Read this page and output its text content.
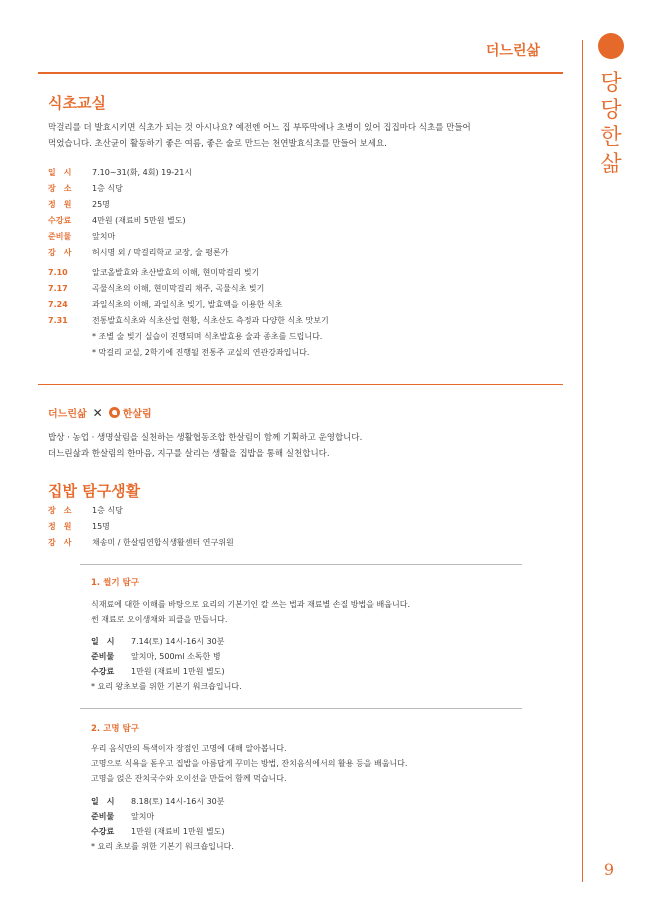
더느린삶
당
당
한
삶
9
식초교실
막걸리를 더 발효시키면 식초가 되는 것 아시나요? 예전엔 어느 집 부뚜막에나 초병이 있어 집집마다 식초를 만들어
먹었습니다. 초산균이 활동하기 좋은 여름, 좋은 술로 만드는 천연발효식초를 만들어 보세요.
일　시	7.10~31(화, 4회) 19-21시
장　소	1층 식당
정　원	25명
수강료	4만원 (재료비 5만원 별도)
준비물	앞치마
강　사	허시명 외 / 막걸리학교 교장, 술 평론가
7.10	알코올발효와 초산발효의 이해, 현미막걸리 빚기
7.17	곡물식초의 이해, 현미막걸리 채주, 곡물식초 빚기
7.24	과일식초의 이해, 과일식초 빚기, 발효액을 이용한 식초
7.31	전통발효식초와 식초산업 현황, 식초산도 측정과 다양한 식초 맛보기
* 조별 술 빚기 실습이 진행되며 식초발효용 술과 종초를 드립니다.
* 막걸리 교실, 2학기에 진행될 전통주 교실의 연관강좌입니다.
더느린삶 ✕ 한살림
밥상 · 농업 · 생명살림을 실천하는 생활협동조합 한살림이 함께 기획하고 운영합니다.
더느린삶과 한살림의 한마음, 지구를 살리는 생활을 집밥을 통해 실천합니다.
집밥 탐구생활
장　소	1층 식당
정　원	15명
강　사	채송미 / 한살림연합식생활센터 연구위원
1. 썰기 탐구
식재료에 대한 이해를 바탕으로 요리의 기본기인 칼 쓰는 법과 재료별 손질 방법을 배웁니다.
썬 재료로 오이생채와 피클을 만듭니다.
일　시 7.14(토) 14시-16시 30분
준비물 앞치마, 500ml 소독한 병
수강료 1만원 (재료비 1만원 별도)
* 요리 왕초보를 위한 기본기 워크숍입니다.
2. 고명 탐구
우리 음식만의 특색이자 장점인 고명에 대해 알아봅니다.
고명으로 식욕을 돋우고 집밥을 아름답게 꾸미는 방법, 잔치음식에서의 활용 등을 배웁니다.
고명을 얹은 잔치국수와 오이선을 만들어 함께 먹습니다.
일　시 8.18(토) 14시-16시 30분
준비물 앞치마
수강료 1만원 (재료비 1만원 별도)
* 요리 초보를 위한 기본기 워크숍입니다.
